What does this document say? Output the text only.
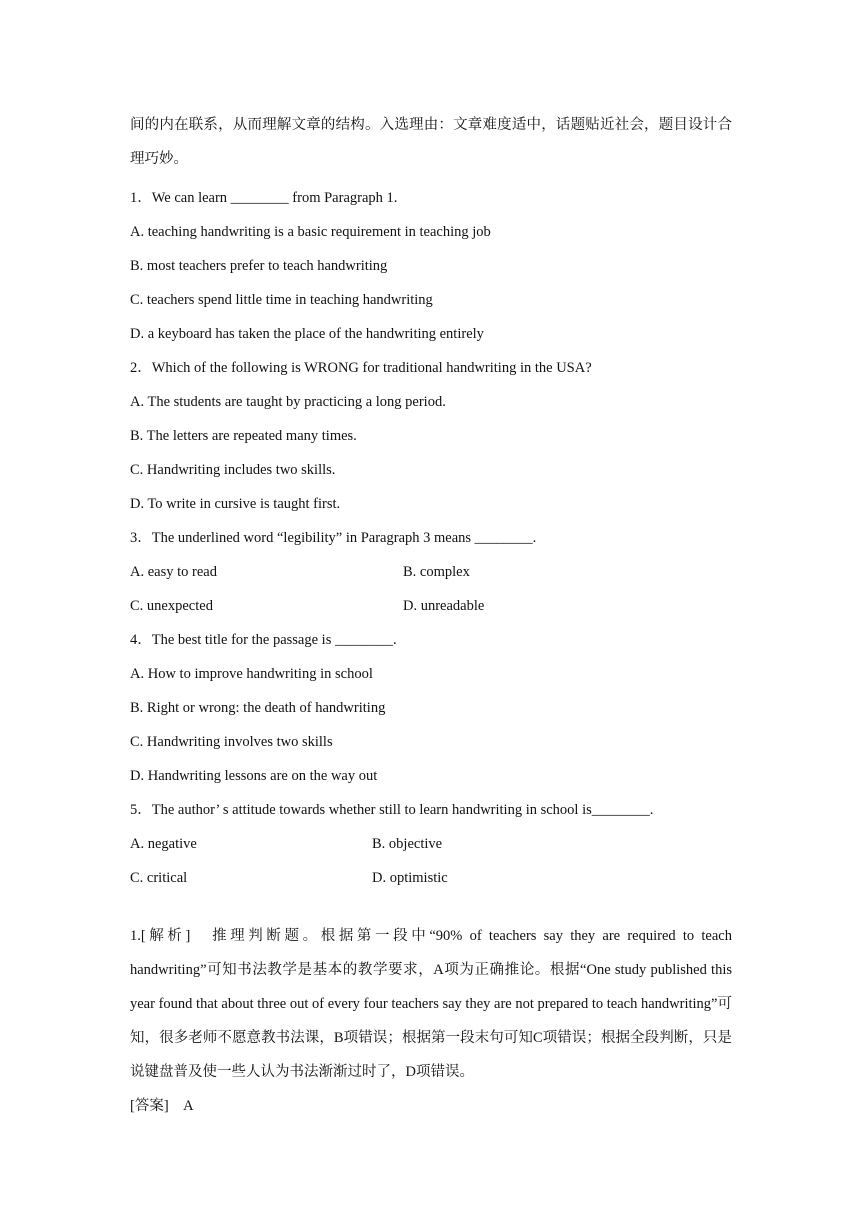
间的内在联系，从而理解文章的结构。入选理由：文章难度适中，话题贴近社会，题目设计合理巧妙。

1．We can learn ________ from Paragraph 1.

A. teaching handwriting is a basic requirement in teaching job

B. most teachers prefer to teach handwriting

C. teachers spend little time in teaching handwriting

D. a keyboard has taken the place of the handwriting entirely

2．Which of the following is WRONG for traditional handwriting in the USA?

A. The students are taught by practicing a long period.

B. The letters are repeated many times.

C. Handwriting includes two skills.

D. To write in cursive is taught first.

3．The underlined word “legibility” in Paragraph 3 means ________.

A. easy to read	B. complex
C. unexpected	D. unreadable

4．The best title for the passage is ________.

A. How to improve handwriting in school

B. Right or wrong: the death of handwriting

C. Handwriting involves two skills

D. Handwriting lessons are on the way out

5．The author’ s attitude towards whether still to learn handwriting in school is________.

A. negative	B. objective
C. critical	D. optimistic

1.[解析]　推理判断题。根据第一段中“90% of teachers say they are required to teach handwriting”可知书法教学是基本的教学要求，A项为正确推论。根据“One study published this year found that about three out of every four teachers say they are not prepared to teach handwriting”可知，很多老师不愿意教书法课，B项错误；根据第一段末句可知C项错误；根据全段判断，只是说键盘普及使一些人认为书法渐渐过时了，D项错误。

[答案]　A
